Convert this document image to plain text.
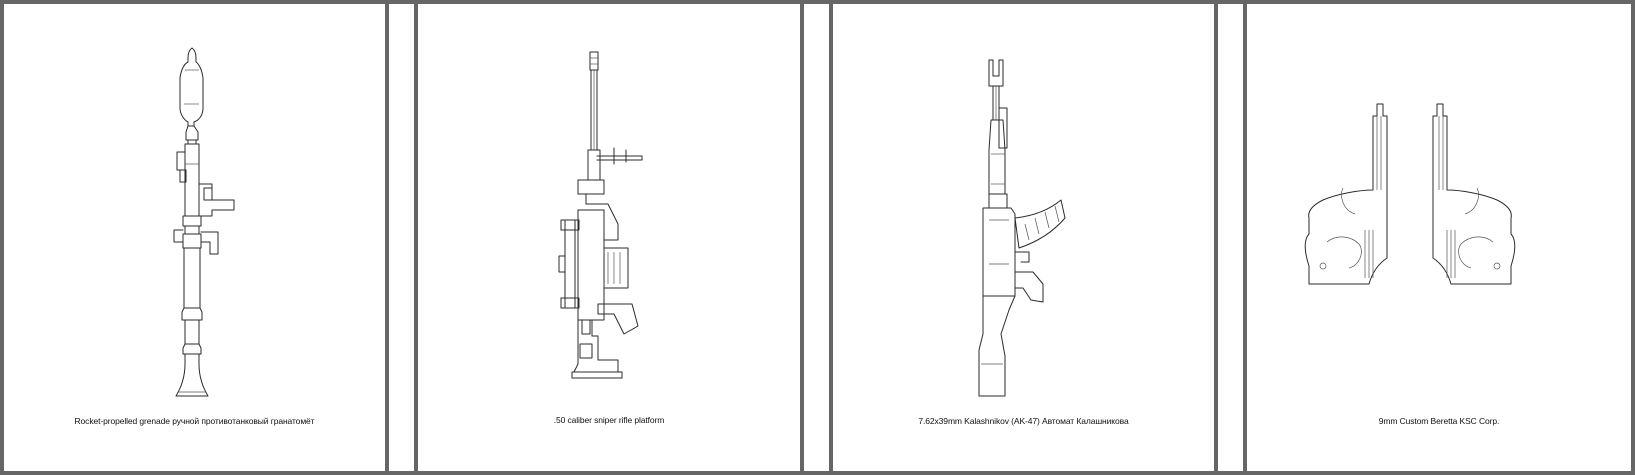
Rocket-propelled grenade ручной противотанковый гранатомёт	.50 caliber sniper rifle platform	7.62x39mm Kalashnikov (AK-47) Автомат Калашникова	9mm Custom Beretta KSC Corp.
